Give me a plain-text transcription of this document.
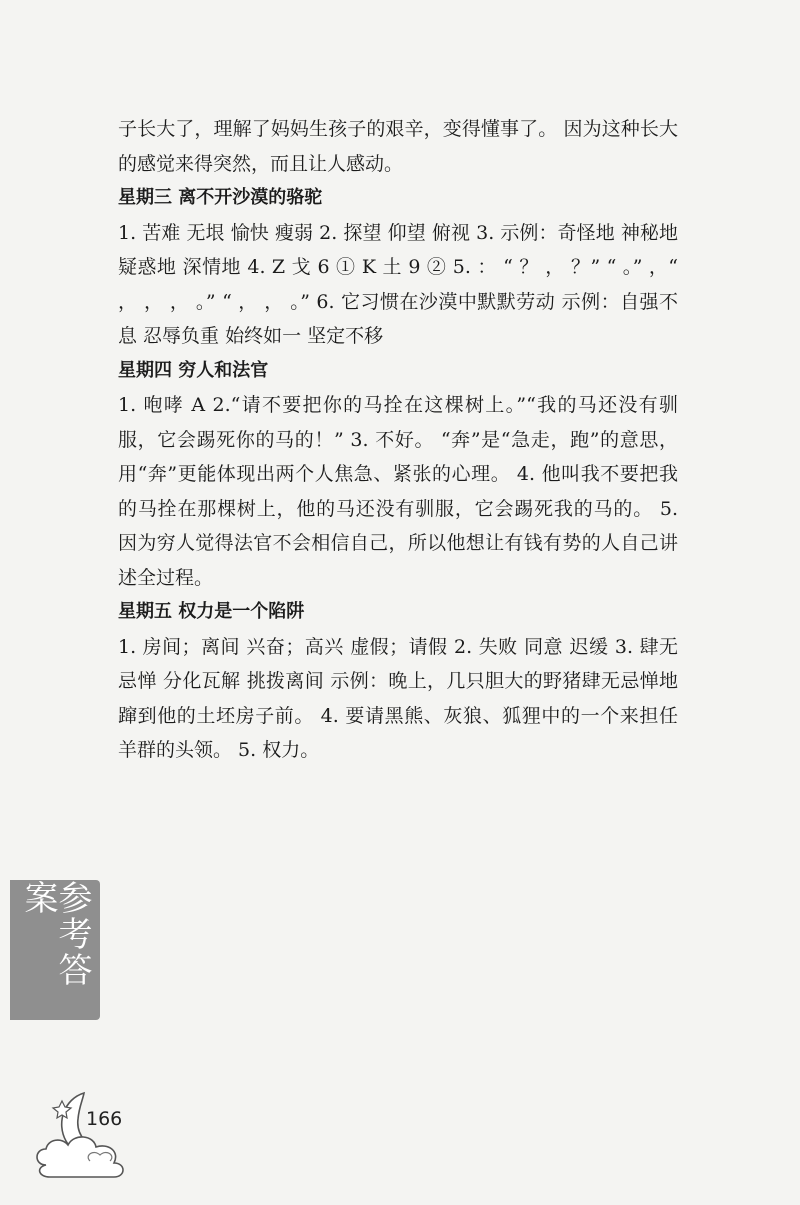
子长大了，理解了妈妈生孩子的艰辛，变得懂事了。 因为这种长大的感觉来得突然，而且让人感动。

星期三 离不开沙漠的骆驼

1. 苦难 无垠 愉快 瘦弱 2. 探望 仰望 俯视 3. 示例：奇怪地 神秘地 疑惑地 深情地 4. Z 戈 6 ① K 土 9 ② 5. ： “ ？ ， ？” “ 。” ，“ ， ， ， 。” “ ， ， 。” 6. 它习惯在沙漠中默默劳动 示例：自强不息 忍辱负重 始终如一 坚定不移

星期四 穷人和法官

1. 咆哮 A 2.“请不要把你的马拴在这棵树上。”“我的马还没有驯服，它会踢死你的马的！” 3. 不好。 “奔”是“急走，跑”的意思，用“奔”更能体现出两个人焦急、紧张的心理。 4. 他叫我不要把我的马拴在那棵树上，他的马还没有驯服，它会踢死我的马的。 5. 因为穷人觉得法官不会相信自己，所以他想让有钱有势的人自己讲述全过程。

星期五 权力是一个陷阱

1. 房间；离间 兴奋；高兴 虚假；请假 2. 失败 同意 迟缓 3. 肆无忌惮 分化瓦解 挑拨离间 示例：晚上，几只胆大的野猪肆无忌惮地蹿到他的土坯房子前。 4. 要请黑熊、灰狼、狐狸中的一个来担任羊群的头领。 5. 权力。

参考答案
166
